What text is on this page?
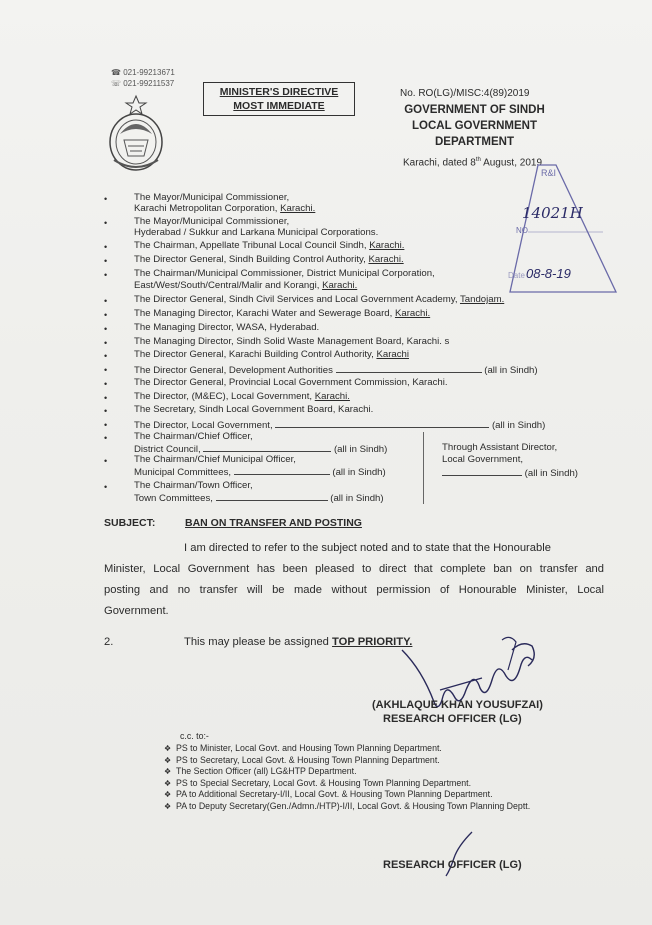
☎ 021-99213671
☏ 021-99211537
MINISTER'S DIRECTIVE
MOST IMMEDIATE
No. RO(LG)/MISC:4(89)2019
GOVERNMENT OF SINDH
LOCAL GOVERNMENT
DEPARTMENT
Karachi, dated 8th August, 2019
R&I
14021H
NO
Date 08-8-19
•	The Mayor/Municipal Commissioner,
Karachi Metropolitan Corporation, Karachi.
•	The Mayor/Municipal Commissioner,
Hyderabad / Sukkur and Larkana Municipal Corporations.
•	The Chairman, Appellate Tribunal Local Council Sindh, Karachi.
•	The Director General, Sindh Building Control Authority, Karachi.
•	The Chairman/Municipal Commissioner, District Municipal Corporation,
East/West/South/Central/Malir and Korangi, Karachi.
•	The Director General, Sindh Civil Services and Local Government Academy, Tandojam.
•	The Managing Director, Karachi Water and Sewerage Board, Karachi.
•	The Managing Director, WASA, Hyderabad.
•	The Managing Director, Sindh Solid Waste Management Board, Karachi. s
•	The Director General, Karachi Building Control Authority, Karachi
•	The Director General, Development Authorities	(all in Sindh)
•	The Director General, Provincial Local Government Commission, Karachi.
•	The Director, (M&EC), Local Government, Karachi.
•	The Secretary, Sindh Local Government Board, Karachi.
•	The Director, Local Government,	(all in Sindh)
•	The Chairman/Chief Officer,
District Council,	(all in Sindh)
•	The Chairman/Chief Municipal Officer,
Municipal Committees,	(all in Sindh)
•	The Chairman/Town Officer,
Town Committees,	(all in Sindh)
Through Assistant Director,
Local Government,
(all in Sindh)
SUBJECT:	BAN ON TRANSFER AND POSTING
I am directed to refer to the subject noted and to state that the Honourable
Minister, Local Government has been pleased to direct that complete ban on transfer and
posting and no transfer will be made without permission of Honourable Minister, Local
Government.
2.	This may please be assigned TOP PRIORITY.
(AKHLAQUE KHAN YOUSUFZAI)
RESEARCH OFFICER (LG)
c.c. to:-
❖ PS to Minister, Local Govt. and Housing Town Planning Department.
❖ PS to Secretary, Local Govt. & Housing Town Planning Department.
❖ The Section Officer (all) LG&HTP Department.
❖ PS to Special Secretary, Local Govt. & Housing Town Planning Department.
❖ PA to Additional Secretary-I/II, Local Govt. & Housing Town Planning Department.
❖ PA to Deputy Secretary(Gen./Admn./HTP)-I/II, Local Govt. & Housing Town Planning Deptt.
RESEARCH OFFICER (LG)
